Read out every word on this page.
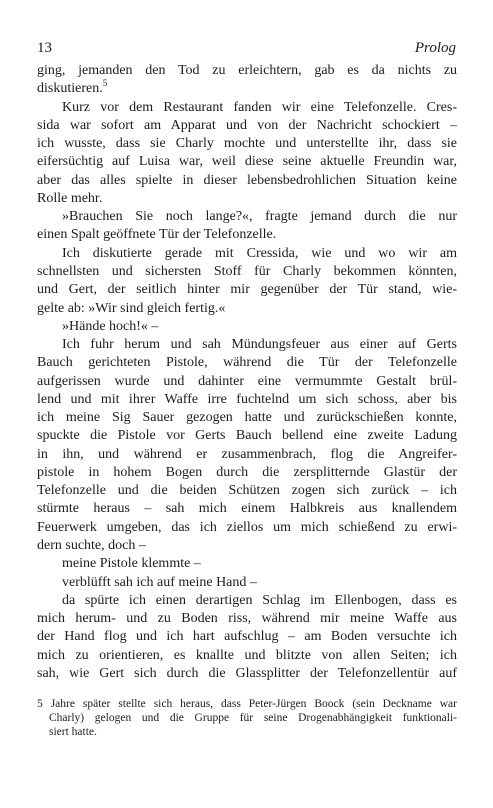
13	Prolog
ging, jemanden den Tod zu erleichtern, gab es da nichts zu
diskutieren.$^5$
Kurz vor dem Restaurant fanden wir eine Telefonzelle. Cres-
sida war sofort am Apparat und von der Nachricht schockiert –
ich wusste, dass sie Charly mochte und unterstellte ihr, dass sie
eifersüchtig auf Luisa war, weil diese seine aktuelle Freundin war,
aber das alles spielte in dieser lebensbedrohlichen Situation keine
Rolle mehr.
»Brauchen Sie noch lange?«, fragte jemand durch die nur
einen Spalt geöffnete Tür der Telefonzelle.
Ich diskutierte gerade mit Cressida, wie und wo wir am
schnellsten und sichersten Stoff für Charly bekommen könnten,
und Gert, der seitlich hinter mir gegenüber der Tür stand, wie-
gelte ab: »Wir sind gleich fertig.«
»Hände hoch!« –
Ich fuhr herum und sah Mündungsfeuer aus einer auf Gerts
Bauch gerichteten Pistole, während die Tür der Telefonzelle
aufgerissen wurde und dahinter eine vermummte Gestalt brül-
lend und mit ihrer Waffe irre fuchtelnd um sich schoss, aber bis
ich meine Sig Sauer gezogen hatte und zurückschießen konnte,
spuckte die Pistole vor Gerts Bauch bellend eine zweite Ladung
in ihn, und während er zusammenbrach, flog die Angreifer-
pistole in hohem Bogen durch die zersplitternde Glastür der
Telefonzelle und die beiden Schützen zogen sich zurück – ich
stürmte heraus – sah mich einem Halbkreis aus knallendem
Feuerwerk umgeben, das ich ziellos um mich schießend zu erwi-
dern suchte, doch –
meine Pistole klemmte –
verblüfft sah ich auf meine Hand –
da spürte ich einen derartigen Schlag im Ellenbogen, dass es
mich herum- und zu Boden riss, während mir meine Waffe aus
der Hand flog und ich hart aufschlug – am Boden versuchte ich
mich zu orientieren, es knallte und blitzte von allen Seiten; ich
sah, wie Gert sich durch die Glassplitter der Telefonzellentür auf
5 Jahre später stellte sich heraus, dass Peter-Jürgen Boock (sein Deckname war
Charly) gelogen und die Gruppe für seine Drogenabhängigkeit funktionali-
siert hatte.
